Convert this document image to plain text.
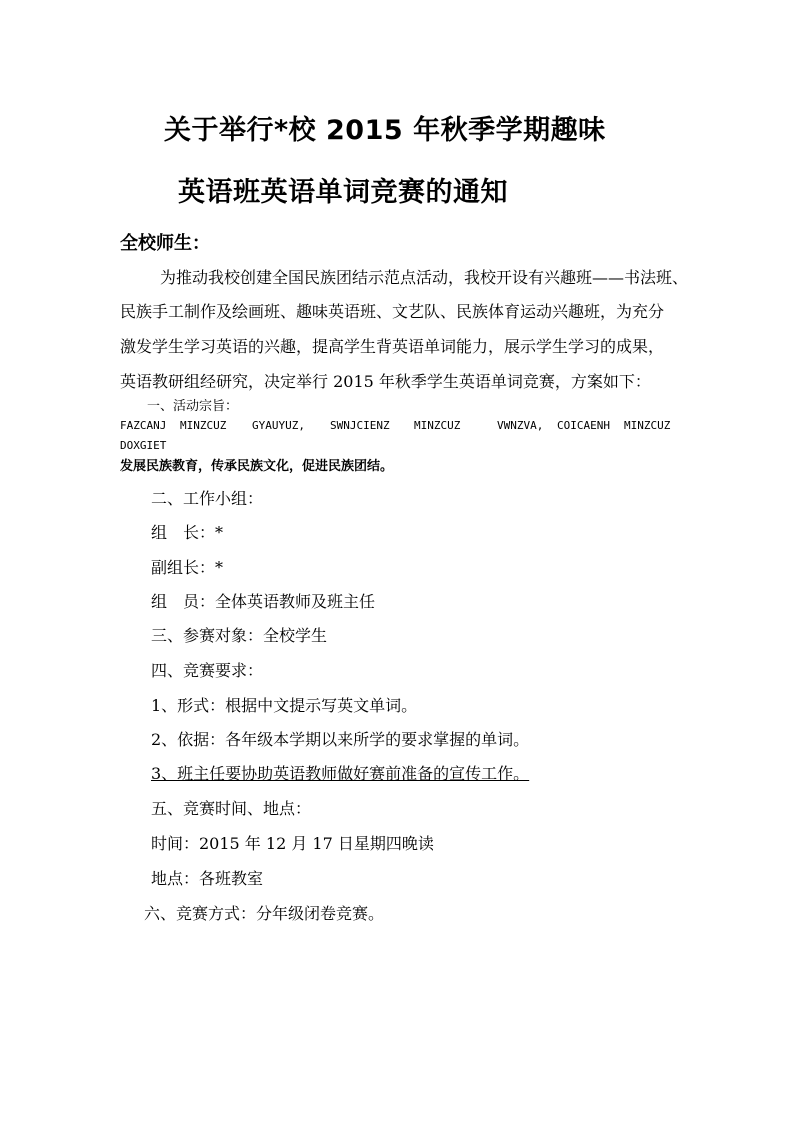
关于举行*校 2015 年秋季学期趣味
英语班英语单词竞赛的通知
全校师生：
为推动我校创建全国民族团结示范点活动，我校开设有兴趣班——书法班、
民族手工制作及绘画班、趣味英语班、文艺队、民族体育运动兴趣班，为充分
激发学生学习英语的兴趣，提高学生背英语单词能力，展示学生学习的成果，
英语教研组经研究，决定举行 2015 年秋季学生英语单词竞赛，方案如下：
一、活动宗旨：
FAZCANJ MINZCUZ GYAUYUZ, SWNJCIENZ MINZCUZ	VWNZVA, COICAENH MINZCUZ
DOXGIET
发展民族教育，传承民族文化，促进民族团结。
二、工作小组：
组　长：*
副组长：*
组　员：全体英语教师及班主任
三、参赛对象：全校学生
四、竞赛要求：
1、形式：根据中文提示写英文单词。
2、依据：各年级本学期以来所学的要求掌握的单词。
3、班主任要协助英语教师做好赛前准备的宣传工作。
五、竞赛时间、地点：
时间：2015 年 12 月 17 日星期四晚读
地点：各班教室
六、竞赛方式：分年级闭卷竞赛。
